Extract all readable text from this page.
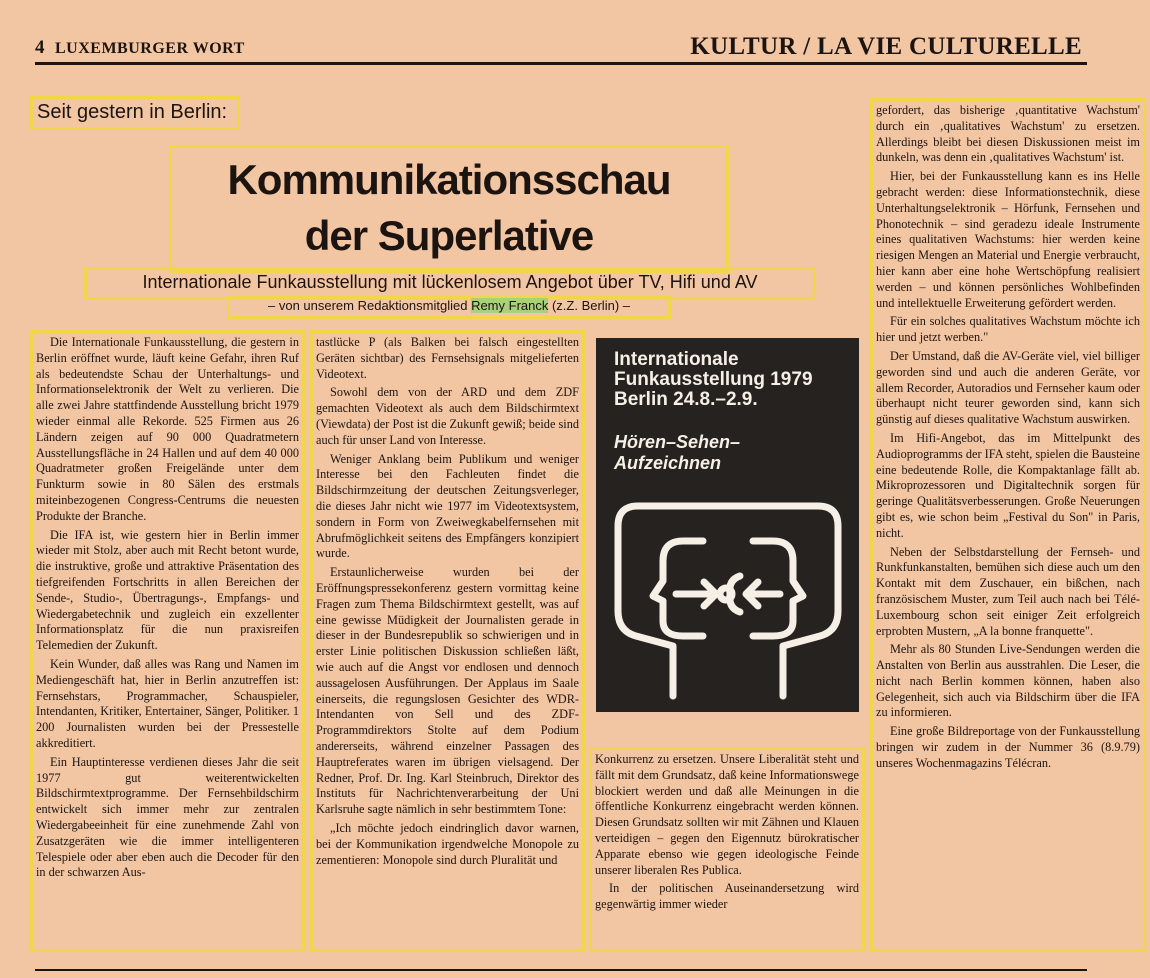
4 LUXEMBURGER WORT	KULTUR / LA VIE CULTURELLE
Seit gestern in Berlin:
Kommunikationsschau
der Superlative
Internationale Funkausstellung mit lückenlosem Angebot über TV, Hifi und AV
– von unserem Redaktionsmitglied Remy Franck (z.Z. Berlin) –

Die Internationale Funkausstellung, die gestern in Berlin eröffnet wurde, läuft keine Gefahr, ihren Ruf als bedeutendste Schau der Unterhaltungs- und Informationselektronik der Welt zu verlieren. Die alle zwei Jahre stattfindende Ausstellung bricht 1979 wieder einmal alle Rekorde. 525 Firmen aus 26 Ländern zeigen auf 90 000 Quadratmetern Ausstellungsfläche in 24 Hallen und auf dem 40 000 Quadratmeter großen Freigelände unter dem Funkturm sowie in 80 Sälen des erstmals miteinbezogenen Congress-Centrums die neuesten Produkte der Branche.

Die IFA ist, wie gestern hier in Berlin immer wieder mit Stolz, aber auch mit Recht betont wurde, die instruktive, große und attraktive Präsentation des tiefgreifenden Fortschritts in allen Bereichen der Sende-, Studio-, Übertragungs-, Empfangs- und Wiedergabetechnik und zugleich ein exzellenter Informationsplatz für die nun praxisreifen Telemedien der Zukunft.

Kein Wunder, daß alles was Rang und Namen im Mediengeschäft hat, hier in Berlin anzutreffen ist: Fernsehstars, Programmacher, Schauspieler, Intendanten, Kritiker, Entertainer, Sänger, Politiker. 1 200 Journalisten wurden bei der Pressestelle akkreditiert.

Ein Hauptinteresse verdienen dieses Jahr die seit 1977 gut weiterentwickelten Bildschirmtextprogramme. Der Fernsehbildschirm entwickelt sich immer mehr zur zentralen Wiedergabeeinheit für eine zunehmende Zahl von Zusatzgeräten wie die immer intelligenteren Telespiele oder aber eben auch die Decoder für den in der schwarzen Aus-

tastlücke P (als Balken bei falsch eingestellten Geräten sichtbar) des Fernsehsignals mitgelieferten Videotext.

Sowohl dem von der ARD und dem ZDF gemachten Videotext als auch dem Bildschirmtext (Viewdata) der Post ist die Zukunft gewiß; beide sind auch für unser Land von Interesse.

Weniger Anklang beim Publikum und weniger Interesse bei den Fachleuten findet die Bildschirmzeitung der deutschen Zeitungsverleger, die dieses Jahr nicht wie 1977 im Videotextsystem, sondern in Form von Zweiwegkabelfernsehen mit Abrufmöglichkeit seitens des Empfängers konzipiert wurde.

Erstaunlicherweise wurden bei der Eröffnungspressekonferenz gestern vormittag keine Fragen zum Thema Bildschirmtext gestellt, was auf eine gewisse Müdigkeit der Journalisten gerade in dieser in der Bundesrepublik so schwierigen und in erster Linie politischen Diskussion schließen läßt, wie auch auf die Angst vor endlosen und dennoch aussagelosen Ausführungen. Der Applaus im Saale einerseits, die regungslosen Gesichter des WDR-Intendanten von Sell und des ZDF-Programmdirektors Stolte auf dem Podium andererseits, während einzelner Passagen des Hauptreferates waren im übrigen vielsagend. Der Redner, Prof. Dr. Ing. Karl Steinbruch, Direktor des Instituts für Nachrichtenverarbeitung der Uni Karlsruhe sagte nämlich in sehr bestimmtem Tone:

„Ich möchte jedoch eindringlich davor warnen, bei der Kommunikation irgendwelche Monopole zu zementieren: Monopole sind durch Pluralität und

Internationale
Funkausstellung 1979
Berlin 24.8.–2.9.
Hören–Sehen–
Aufzeichnen

Konkurrenz zu ersetzen. Unsere Liberalität steht und fällt mit dem Grundsatz, daß keine Informationswege blockiert werden und daß alle Meinungen in die öffentliche Konkurrenz eingebracht werden können. Diesen Grundsatz sollten wir mit Zähnen und Klauen verteidigen – gegen den Eigennutz bürokratischer Apparate ebenso wie gegen ideologische Feinde unserer liberalen Res Publica.

In der politischen Auseinandersetzung wird gegenwärtig immer wieder

gefordert, das bisherige ‚quantitative Wachstum' durch ein ‚qualitatives Wachstum' zu ersetzen. Allerdings bleibt bei diesen Diskussionen meist im dunkeln, was denn ein ‚qualitatives Wachstum' ist.

Hier, bei der Funkausstellung kann es ins Helle gebracht werden: diese Informationstechnik, diese Unterhaltungselektronik – Hörfunk, Fernsehen und Phonotechnik – sind geradezu ideale Instrumente eines qualitativen Wachstums: hier werden keine riesigen Mengen an Material und Energie verbraucht, hier kann aber eine hohe Wertschöpfung realisiert werden – und können persönliches Wohlbefinden und intellektuelle Erweiterung gefördert werden.

Für ein solches qualitatives Wachstum möchte ich hier und jetzt werben."

Der Umstand, daß die AV-Geräte viel, viel billiger geworden sind und auch die anderen Geräte, vor allem Recorder, Autoradios und Fernseher kaum oder überhaupt nicht teurer geworden sind, kann sich günstig auf dieses qualitative Wachstum auswirken.

Im Hifi-Angebot, das im Mittelpunkt des Audioprogramms der IFA steht, spielen die Bausteine eine bedeutende Rolle, die Kompaktanlage fällt ab. Mikroprozessoren und Digitaltechnik sorgen für geringe Qualitätsverbesserungen. Große Neuerungen gibt es, wie schon beim „Festival du Son" in Paris, nicht.

Neben der Selbstdarstellung der Fernseh- und Runkfunkanstalten, bemühen sich diese auch um den Kontakt mit dem Zuschauer, ein bißchen, nach französischem Muster, zum Teil auch nach bei Télé-Luxembourg schon seit einiger Zeit erfolgreich erprobten Mustern, „A la bonne franquette".

Mehr als 80 Stunden Live-Sendungen werden die Anstalten von Berlin aus ausstrahlen. Die Leser, die nicht nach Berlin kommen können, haben also Gelegenheit, sich auch via Bildschirm über die IFA zu informieren.

Eine große Bildreportage von der Funkausstellung bringen wir zudem in der Nummer 36 (8.9.79) unseres Wochenmagazins Télécran.
